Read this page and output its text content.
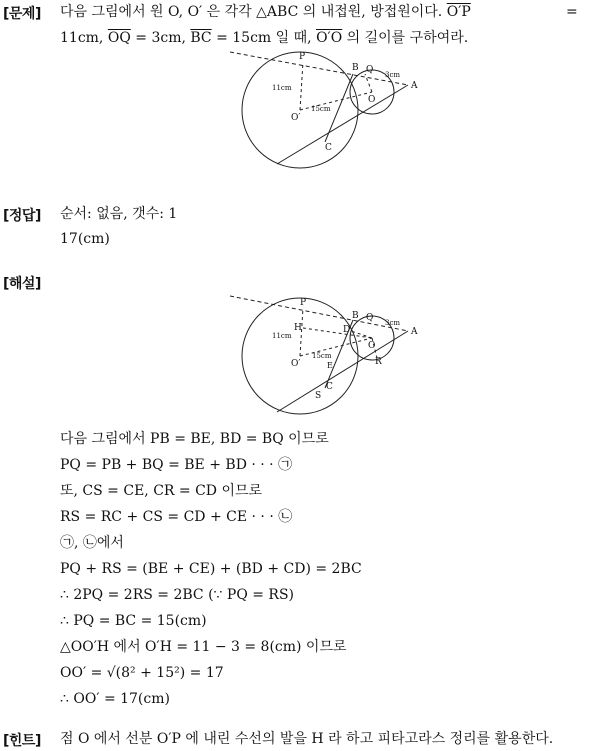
[문제] 다음 그림에서 원 O, O′ 은 각각 △ABC 의 내접원, 방접원이다. O′P	=
11cm, $\overline{OQ} = 3cm$, $\overline{BC} = 15cm$ 일 때, O′O 의 길이를 구하여라.
P
B Q 3cm
A
11cm
O
15cm
O′
C
[정답] 순서: 없음, 갯수: 1
17(cm)
[해설]
P
H
B Q 3cm
A
11cm
D
O
15cm
O′	R
E
C
S
다음 그림에서 PB = BE, BD = BQ 이므로
PQ = PB + BQ = BE + BD · · · ㉠
또, CS = CE, CR = CD 이므로
RS = RC + CS = CD + CE · · · ㉡
㉠, ㉡에서
PQ + RS = (BE + CE) + (BD + CD) = 2BC
∴ 2PQ = 2RS = 2BC (∵ PQ = RS)
∴ PQ = BC = 15(cm)
△OO′H 에서 O′H = 11 − 3 = 8(cm) 이므로
OO′ = √(8² + 15²) = 17
∴ OO′ = 17(cm)
[힌트] 점 O 에서 선분 O′P 에 내린 수선의 발을 H 라 하고 피타고라스 정리를 활용한다.
